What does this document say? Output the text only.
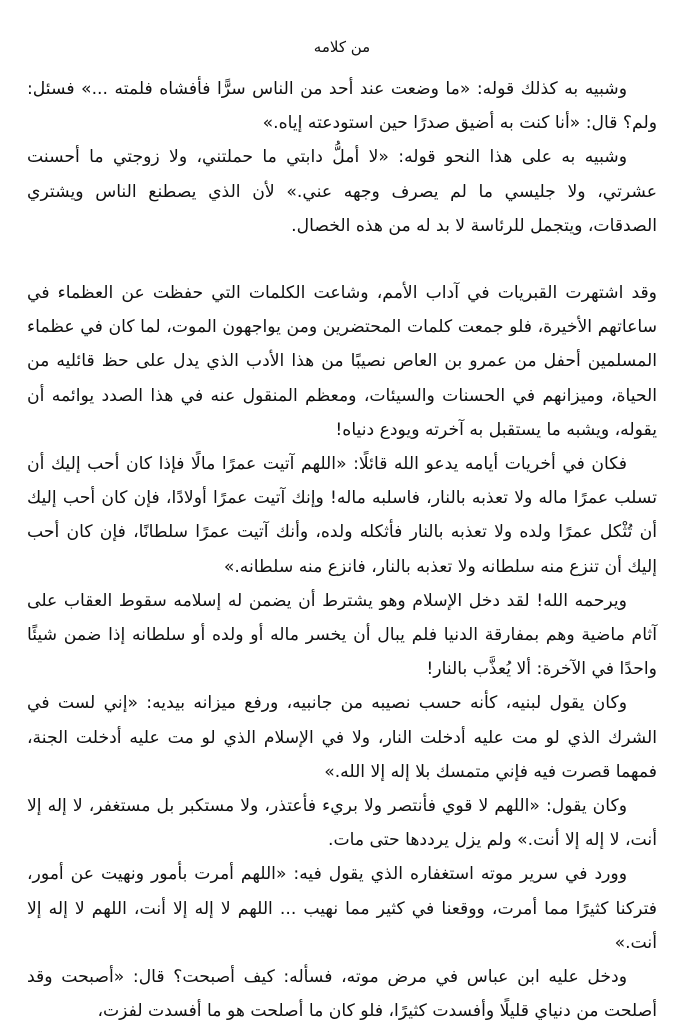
من كلامه

وشبيه به كذلك قوله: «ما وضعت عند أحد من الناس سرًّا فأفشاه فلمته ...» فسئل: ولم؟ قال: «أنا كنت به أضيق صدرًا حين استودعته إياه.»

وشبيه به على هذا النحو قوله: «لا أملُّ دابتي ما حملتني، ولا زوجتي ما أحسنت عشرتي، ولا جليسي ما لم يصرف وجهه عني.» لأن الذي يصطنع الناس ويشتري الصدقات، ويتجمل للرئاسة لا بد له من هذه الخصال.

وقد اشتهرت القبريات في آداب الأمم، وشاعت الكلمات التي حفظت عن العظماء في ساعاتهم الأخيرة، فلو جمعت كلمات المحتضرين ومن يواجهون الموت، لما كان في عظماء المسلمين أحفل من عمرو بن العاص نصيبًا من هذا الأدب الذي يدل على حظ قائليه من الحياة، وميزانهم في الحسنات والسيئات، ومعظم المنقول عنه في هذا الصدد يوائمه أن يقوله، ويشبه ما يستقبل به آخرته ويودع دنياه!

فكان في أخريات أيامه يدعو الله قائلًا: «اللهم آتيت عمرًا مالًا فإذا كان أحب إليك أن تسلب عمرًا ماله ولا تعذبه بالنار، فاسلبه ماله! وإنك آتيت عمرًا أولادًا، فإن كان أحب إليك أن تُثْكل عمرًا ولده ولا تعذبه بالنار فأثكله ولده، وأنك آتيت عمرًا سلطانًا، فإن كان أحب إليك أن تنزع منه سلطانه ولا تعذبه بالنار، فانزع منه سلطانه.»

ويرحمه الله! لقد دخل الإسلام وهو يشترط أن يضمن له إسلامه سقوط العقاب على آثام ماضية وهم بمفارقة الدنيا فلم يبال أن يخسر ماله أو ولده أو سلطانه إذا ضمن شيئًا واحدًا في الآخرة: ألا يُعذَّب بالنار!

وكان يقول لبنيه، كأنه حسب نصيبه من جانبيه، ورفع ميزانه بيديه: «إني لست في الشرك الذي لو مت عليه أدخلت النار، ولا في الإسلام الذي لو مت عليه أدخلت الجنة، فمهما قصرت فيه فإني متمسك بلا إله إلا الله.»

وكان يقول: «اللهم لا قوي فأنتصر ولا بريء فأعتذر، ولا مستكبر بل مستغفر، لا إله إلا أنت، لا إله إلا أنت.» ولم يزل يرددها حتى مات.

وورد في سرير موته استغفاره الذي يقول فيه: «اللهم أمرت بأمور ونهيت عن أمور، فتركنا كثيرًا مما أمرت، ووقعنا في كثير مما نهيب ... اللهم لا إله إلا أنت، اللهم لا إله إلا أنت.»

ودخل عليه ابن عباس في مرض موته، فسأله: كيف أصبحت؟ قال: «أصبحت وقد أصلحت من دنياي قليلًا وأفسدت كثيرًا، فلو كان ما أصلحت هو ما أفسدت لفزت،
